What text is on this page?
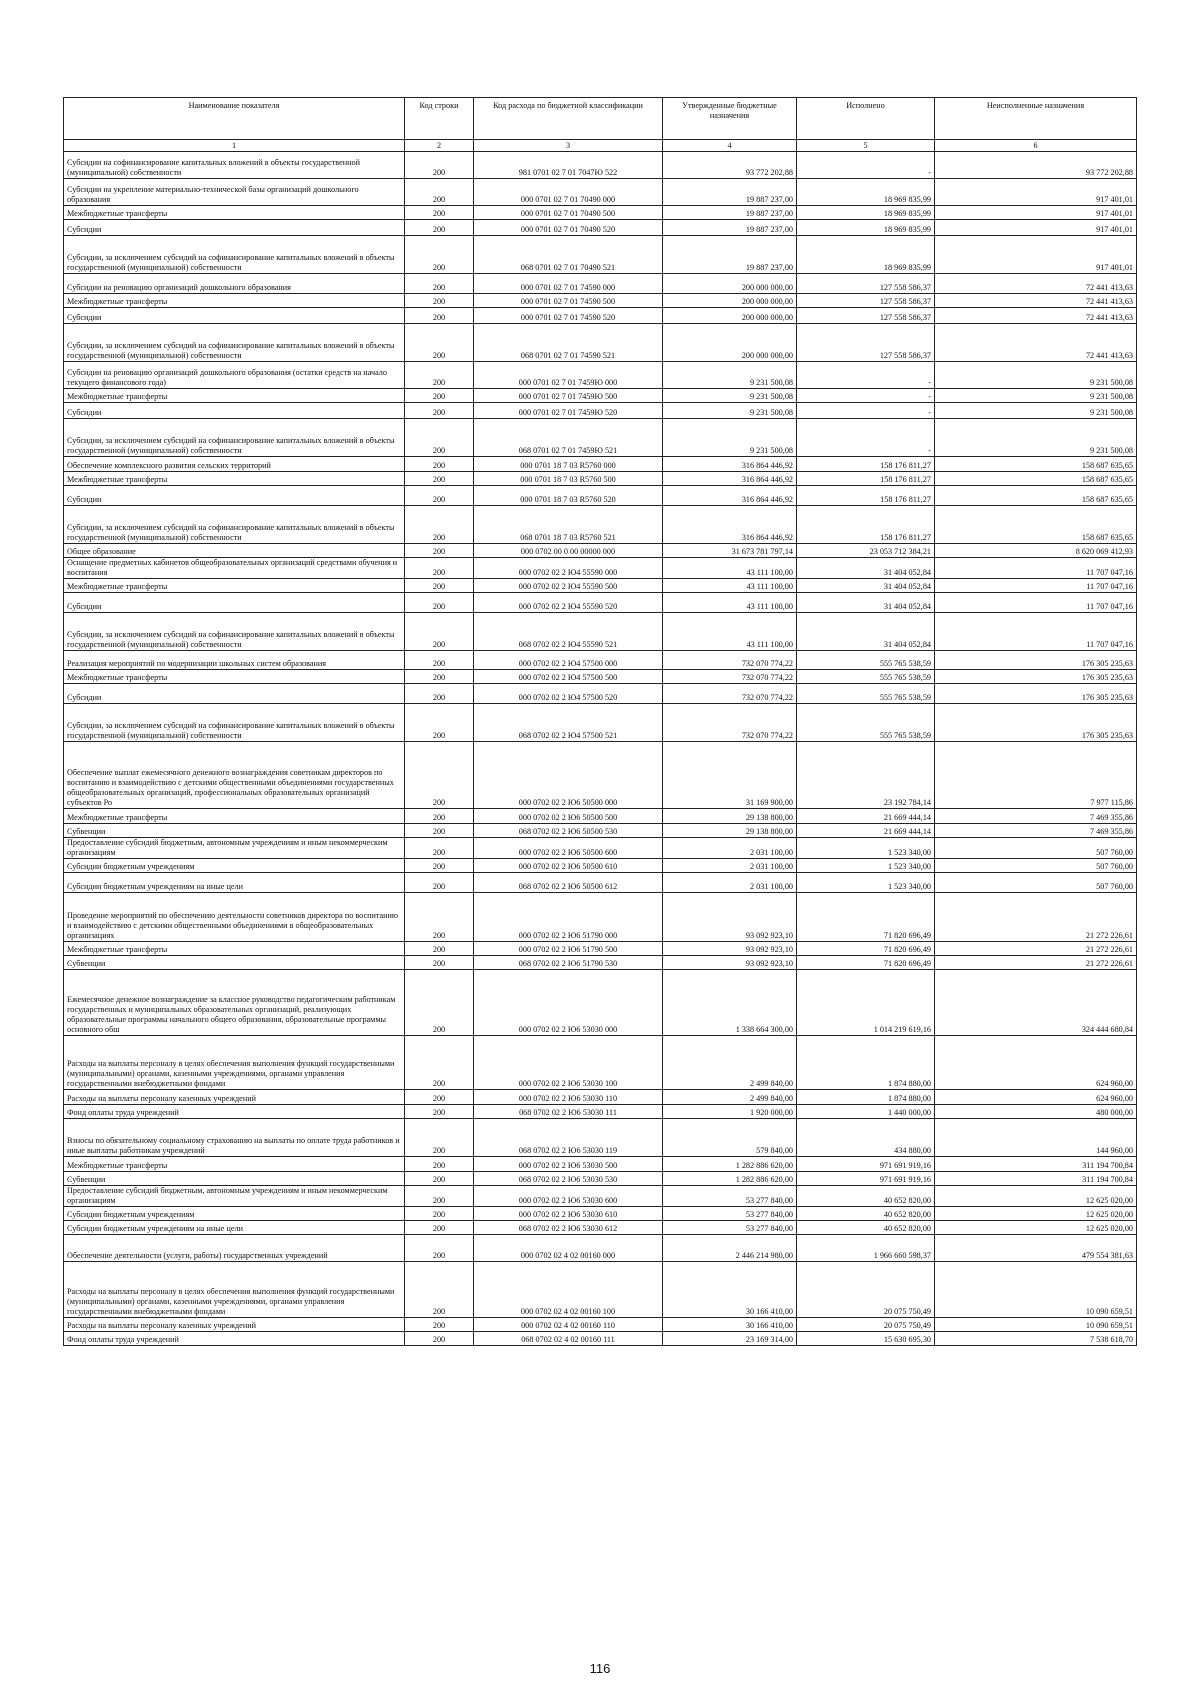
Наименование показателя	Код строки	Код расхода по бюджетной классификации	Утвержденные бюджетные назначения	Исполнено	Неисполненные назначения
1	2	3	4	5	6
Субсидии на софинансирование капитальных вложений в объекты государственной (муниципальной) собственности	200	981 0701 02 7 01 7047Ю 522	93 772 202,88	-	93 772 202,88
Субсидии на укрепление материально-технической базы организаций дошкольного образования	200	000 0701 02 7 01 70490 000	19 887 237,00	18 969 835,99	917 401,01
Межбюджетные трансферты	200	000 0701 02 7 01 70490 500	19 887 237,00	18 969 835,99	917 401,01
Субсидии	200	000 0701 02 7 01 70490 520	19 887 237,00	18 969 835,99	917 401,01
Субсидии, за исключением субсидий на софинансирование капитальных вложений в объекты государственной (муниципальной) собственности	200	068 0701 02 7 01 70490 521	19 887 237,00	18 969 835,99	917 401,01
Субсидии на реновацию организаций дошкольного образования	200	000 0701 02 7 01 74590 000	200 000 000,00	127 558 586,37	72 441 413,63
Межбюджетные трансферты	200	000 0701 02 7 01 74590 500	200 000 000,00	127 558 586,37	72 441 413,63
Субсидии	200	000 0701 02 7 01 74590 520	200 000 000,00	127 558 586,37	72 441 413,63
Субсидии, за исключением субсидий на софинансирование капитальных вложений в объекты государственной (муниципальной) собственности	200	068 0701 02 7 01 74590 521	200 000 000,00	127 558 586,37	72 441 413,63
Субсидии на реновацию организаций дошкольного образования (остатки средств на начало текущего финансового года)	200	000 0701 02 7 01 7459Ю 000	9 231 500,08	-	9 231 500,08
Межбюджетные трансферты	200	000 0701 02 7 01 7459Ю 500	9 231 500,08	-	9 231 500,08
Субсидии	200	000 0701 02 7 01 7459Ю 520	9 231 500,08	-	9 231 500,08
Субсидии, за исключением субсидий на софинансирование капитальных вложений в объекты государственной (муниципальной) собственности	200	068 0701 02 7 01 7459Ю 521	9 231 500,08	-	9 231 500,08
Обеспечение комплексного развития сельских территорий	200	000 0701 18 7 03 R5760 000	316 864 446,92	158 176 811,27	158 687 635,65
Межбюджетные трансферты	200	000 0701 18 7 03 R5760 500	316 864 446,92	158 176 811,27	158 687 635,65
Субсидии	200	000 0701 18 7 03 R5760 520	316 864 446,92	158 176 811,27	158 687 635,65
Субсидии, за исключением субсидий на софинансирование капитальных вложений в объекты государственной (муниципальной) собственности	200	068 0701 18 7 03 R5760 521	316 864 446,92	158 176 811,27	158 687 635,65
Общее образование	200	000 0702 00 0 00 00000 000	31 673 781 797,14	23 053 712 384,21	8 620 069 412,93
Оснащение предметных кабинетов общеобразовательных организаций средствами обучения и воспитания	200	000 0702 02 2 Ю4 55590 000	43 111 100,00	31 404 052,84	11 707 047,16
Межбюджетные трансферты	200	000 0702 02 2 Ю4 55590 500	43 111 100,00	31 404 052,84	11 707 047,16
Субсидии	200	000 0702 02 2 Ю4 55590 520	43 111 100,00	31 404 052,84	11 707 047,16
Субсидии, за исключением субсидий на софинансирование капитальных вложений в объекты государственной (муниципальной) собственности	200	068 0702 02 2 Ю4 55590 521	43 111 100,00	31 404 052,84	11 707 047,16
Реализация мероприятий по модернизации школьных систем образования	200	000 0702 02 2 Ю4 57500 000	732 070 774,22	555 765 538,59	176 305 235,63
Межбюджетные трансферты	200	000 0702 02 2 Ю4 57500 500	732 070 774,22	555 765 538,59	176 305 235,63
Субсидии	200	000 0702 02 2 Ю4 57500 520	732 070 774,22	555 765 538,59	176 305 235,63
Субсидии, за исключением субсидий на софинансирование капитальных вложений в объекты государственной (муниципальной) собственности	200	068 0702 02 2 Ю4 57500 521	732 070 774,22	555 765 538,59	176 305 235,63
Обеспечение выплат ежемесячного денежного вознаграждения советникам директоров по воспитанию и взаимодействию с детскими общественными объединениями государственных общеобразовательных организаций, профессиональных образовательных организаций субъектов Ро	200	000 0702 02 2 Ю6 50500 000	31 169 900,00	23 192 784,14	7 977 115,86
Межбюджетные трансферты	200	000 0702 02 2 Ю6 50500 500	29 138 800,00	21 669 444,14	7 469 355,86
Субвенции	200	068 0702 02 2 Ю6 50500 530	29 138 800,00	21 669 444,14	7 469 355,86
Предоставление субсидий бюджетным, автономным учреждениям и иным некоммерческим организациям	200	000 0702 02 2 Ю6 50500 600	2 031 100,00	1 523 340,00	507 760,00
Субсидии бюджетным учреждениям	200	000 0702 02 2 Ю6 50500 610	2 031 100,00	1 523 340,00	507 760,00
Субсидии бюджетным учреждениям на иные цели	200	068 0702 02 2 Ю6 50500 612	2 031 100,00	1 523 340,00	507 760,00
Проведение мероприятий по обеспечению деятельности советников директора по воспитанию и взаимодействию с детскими общественными объединениями в общеобразовательных организациях	200	000 0702 02 2 Ю6 51790 000	93 092 923,10	71 820 696,49	21 272 226,61
Межбюджетные трансферты	200	000 0702 02 2 Ю6 51790 500	93 092 923,10	71 820 696,49	21 272 226,61
Субвенции	200	068 0702 02 2 Ю6 51790 530	93 092 923,10	71 820 696,49	21 272 226,61
Ежемесячное денежное вознаграждение за классное руководство педагогическим работникам государственных и муниципальных образовательных организаций, реализующих образовательные программы начального общего образования, образовательные программы основного обш	200	000 0702 02 2 Ю6 53030 000	1 338 664 300,00	1 014 219 619,16	324 444 680,84
Расходы на выплаты персоналу в целях обеспечения выполнения функций государственными (муниципальными) органами, казенными учреждениями, органами управления государственными внебюджетными фондами	200	000 0702 02 2 Ю6 53030 100	2 499 840,00	1 874 880,00	624 960,00
Расходы на выплаты персоналу казенных учреждений	200	000 0702 02 2 Ю6 53030 110	2 499 840,00	1 874 880,00	624 960,00
Фонд оплаты труда учреждений	200	068 0702 02 2 Ю6 53030 111	1 920 000,00	1 440 000,00	480 000,00
Взносы по обязательному социальному страхованию на выплаты по оплате труда работников и иные выплаты работникам учреждений	200	068 0702 02 2 Ю6 53030 119	579 840,00	434 880,00	144 960,00
Межбюджетные трансферты	200	000 0702 02 2 Ю6 53030 500	1 282 886 620,00	971 691 919,16	311 194 700,84
Субвенции	200	068 0702 02 2 Ю6 53030 530	1 282 886 620,00	971 691 919,16	311 194 700,84
Предоставление субсидий бюджетным, автономным учреждениям и иным некоммерческим организациям	200	000 0702 02 2 Ю6 53030 600	53 277 840,00	40 652 820,00	12 625 020,00
Субсидии бюджетным учреждениям	200	000 0702 02 2 Ю6 53030 610	53 277 840,00	40 652 820,00	12 625 020,00
Субсидии бюджетным учреждениям на иные цели	200	068 0702 02 2 Ю6 53030 612	53 277 840,00	40 652 820,00	12 625 020,00
Обеспечение деятельности (услуги, работы) государственных учреждений	200	000 0702 02 4 02 00160 000	2 446 214 980,00	1 966 660 598,37	479 554 381,63
Расходы на выплаты персоналу в целях обеспечения выполнения функций государственными (муниципальными) органами, казенными учреждениями, органами управления государственными внебюджетными фондами	200	000 0702 02 4 02 00160 100	30 166 410,00	20 075 750,49	10 090 659,51
Расходы на выплаты персоналу казенных учреждений	200	000 0702 02 4 02 00160 110	30 166 410,00	20 075 750,49	10 090 659,51
Фонд оплаты труда учреждений	200	068 0702 02 4 02 00160 111	23 169 314,00	15 630 695,30	7 538 618,70
116
